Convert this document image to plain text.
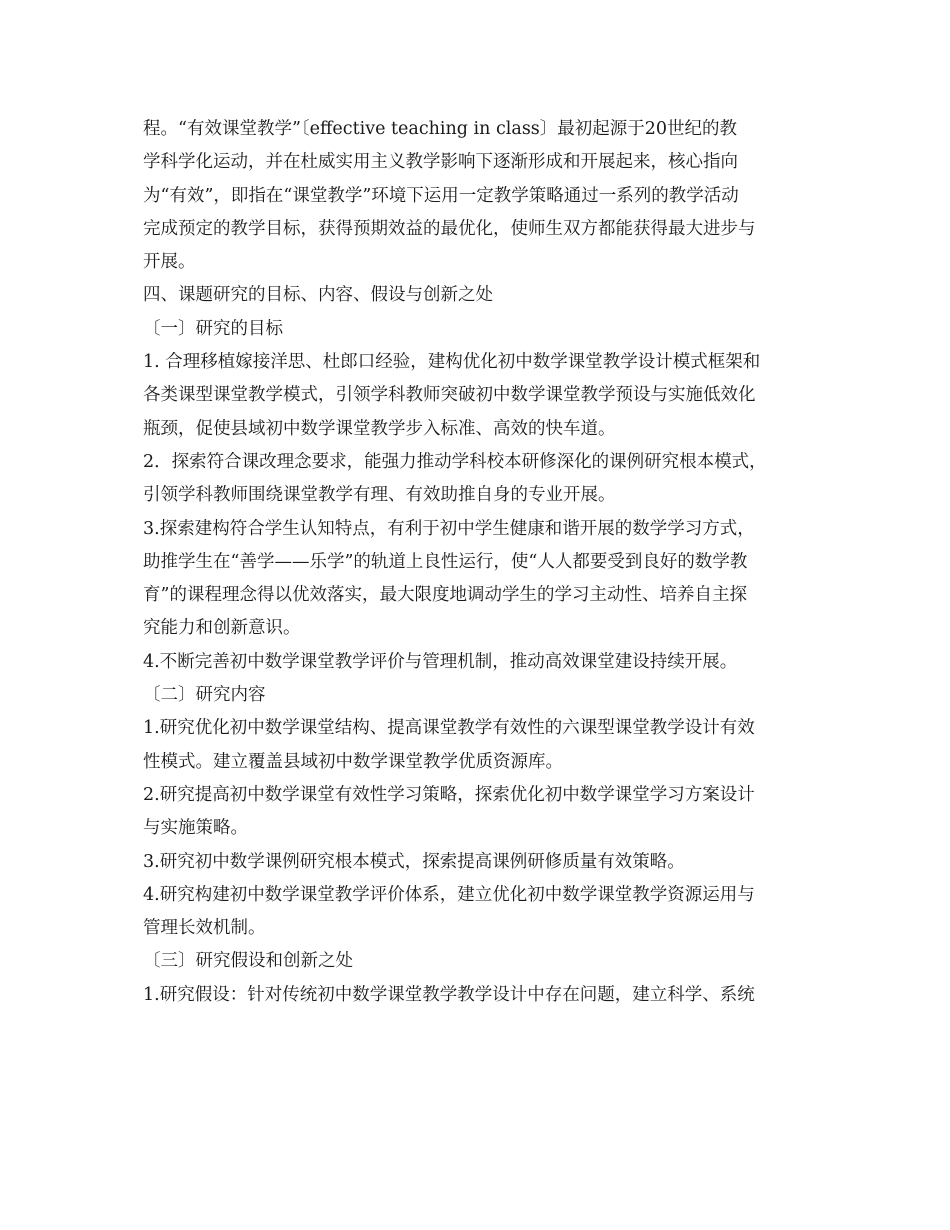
程。“有效课堂教学”〔effective teaching in class〕最初起源于20世纪的教
学科学化运动，并在杜威实用主义教学影响下逐渐形成和开展起来，核心指向
为“有效”，即指在“课堂教学”环境下运用一定教学策略通过一系列的教学活动
完成预定的教学目标，获得预期效益的最优化，使师生双方都能获得最大进步与
开展。
四、课题研究的目标、内容、假设与创新之处
〔一〕研究的目标
1. 合理移植嫁接洋思、杜郎口经验，建构优化初中数学课堂教学设计模式框架和
各类课型课堂教学模式，引领学科教师突破初中数学课堂教学预设与实施低效化
瓶颈，促使县域初中数学课堂教学步入标准、高效的快车道。
2．探索符合课改理念要求，能强力推动学科校本研修深化的课例研究根本模式，
引领学科教师围绕课堂教学有理、有效助推自身的专业开展。
3.探索建构符合学生认知特点，有利于初中学生健康和谐开展的数学学习方式，
助推学生在“善学——乐学”的轨道上良性运行，使“人人都要受到良好的数学教
育”的课程理念得以优效落实，最大限度地调动学生的学习主动性、培养自主探
究能力和创新意识。
4.不断完善初中数学课堂教学评价与管理机制，推动高效课堂建设持续开展。
〔二〕研究内容
1.研究优化初中数学课堂结构、提高课堂教学有效性的六课型课堂教学设计有效
性模式。建立覆盖县域初中数学课堂教学优质资源库。
2.研究提高初中数学课堂有效性学习策略，探索优化初中数学课堂学习方案设计
与实施策略。
3.研究初中数学课例研究根本模式，探索提高课例研修质量有效策略。
4.研究构建初中数学课堂教学评价体系，建立优化初中数学课堂教学资源运用与
管理长效机制。
〔三〕研究假设和创新之处
1.研究假设：针对传统初中数学课堂教学教学设计中存在问题，建立科学、系统
